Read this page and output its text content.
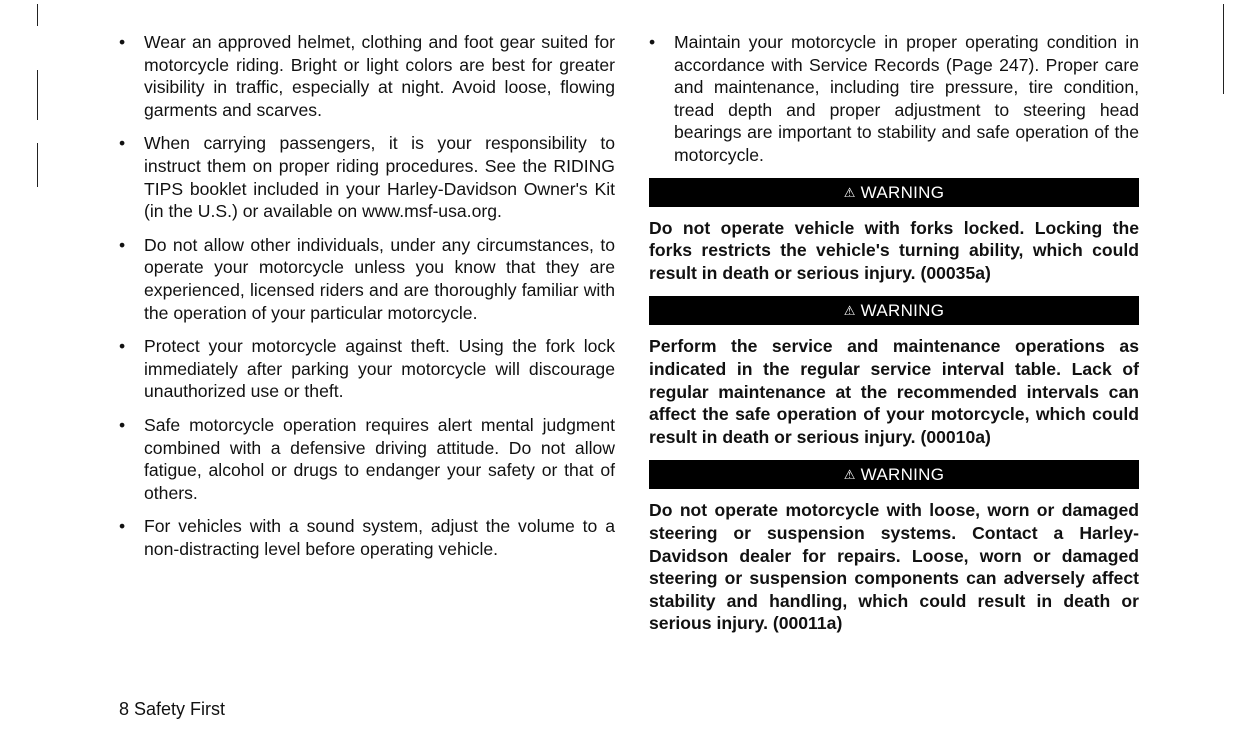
• Wear an approved helmet, clothing and foot gear suited for motorcycle riding. Bright or light colors are best for greater visibility in traffic, especially at night. Avoid loose, flowing garments and scarves.
• When carrying passengers, it is your responsibility to instruct them on proper riding procedures. See the RIDING TIPS booklet included in your Harley-Davidson Owner's Kit (in the U.S.) or available on www.msf-usa.org.
• Do not allow other individuals, under any circumstances, to operate your motorcycle unless you know that they are experienced, licensed riders and are thoroughly familiar with the operation of your particular motorcycle.
• Protect your motorcycle against theft. Using the fork lock immediately after parking your motorcycle will discourage unauthorized use or theft.
• Safe motorcycle operation requires alert mental judgment combined with a defensive driving attitude. Do not allow fatigue, alcohol or drugs to endanger your safety or that of others.
• For vehicles with a sound system, adjust the volume to a non-distracting level before operating vehicle.
• Maintain your motorcycle in proper operating condition in accordance with Service Records (Page 247). Proper care and maintenance, including tire pressure, tire condition, tread depth and proper adjustment to steering head bearings are important to stability and safe operation of the motorcycle.
⚠ WARNING

Do not operate vehicle with forks locked. Locking the forks restricts the vehicle's turning ability, which could result in death or serious injury. (00035a)

⚠ WARNING

Perform the service and maintenance operations as indicated in the regular service interval table. Lack of regular maintenance at the recommended intervals can affect the safe operation of your motorcycle, which could result in death or serious injury. (00010a)

⚠ WARNING

Do not operate motorcycle with loose, worn or damaged steering or suspension systems. Contact a Harley-Davidson dealer for repairs. Loose, worn or damaged steering or suspension components can adversely affect stability and handling, which could result in death or serious injury. (00011a)

8 Safety First
